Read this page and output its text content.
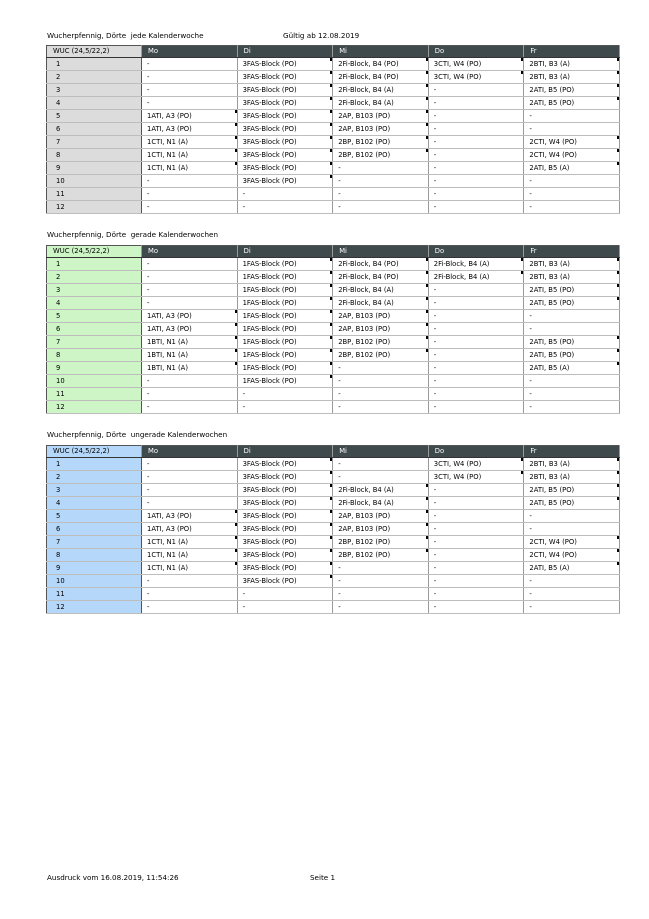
Wucherpfennig, Dörte  jede Kalenderwoche	Gültig ab 12.08.2019
Wucherpfennig, Dörte  gerade Kalenderwochen
Wucherpfennig, Dörte  ungerade Kalenderwochen
WUC (24,5/22,2)	Mo	Di	Mi	Do	Fr
1	-	3FAS-Block (PO)	2Fi-Block, B4 (PO)	3CTI, W4 (PO)	2BTI, B3 (A)

2	-	3FAS-Block (PO)	2Fi-Block, B4 (PO)	3CTI, W4 (PO)	2BTI, B3 (A)

3	-	3FAS-Block (PO)	2Fi-Block, B4 (A)	-	2ATI, B5 (PO)

4	-	3FAS-Block (PO)	2Fi-Block, B4 (A)	-	2ATI, B5 (PO)

5	1ATI, A3 (PO)	3FAS-Block (PO)	2AP, B103 (PO)	-	-
6	1ATI, A3 (PO)	3FAS-Block (PO)	2AP, B103 (PO)	-	-
7	1CTI, N1 (A)	3FAS-Block (PO)	2BP, B102 (PO)	-	2CTI, W4 (PO)

8	1CTI, N1 (A)	3FAS-Block (PO)	2BP, B102 (PO)	-	2CTI, W4 (PO)

9	1CTI, N1 (A)	3FAS-Block (PO)	-	-	2ATI, B5 (A)

10	-	3FAS-Block (PO)	-	-	-
11	-	-	-	-	-
12	-	-	-	-	-
WUC (24,5/22,2)	Mo	Di	Mi	Do	Fr
1	-	1FAS-Block (PO)	2Fi-Block, B4 (PO)	2Fi-Block, B4 (A)	2BTI, B3 (A)

2	-	1FAS-Block (PO)	2Fi-Block, B4 (PO)	2Fi-Block, B4 (A)	2BTI, B3 (A)

3	-	1FAS-Block (PO)	2Fi-Block, B4 (A)	-	2ATI, B5 (PO)

4	-	1FAS-Block (PO)	2Fi-Block, B4 (A)	-	2ATI, B5 (PO)

5	1ATI, A3 (PO)	1FAS-Block (PO)	2AP, B103 (PO)	-	-
6	1ATI, A3 (PO)	1FAS-Block (PO)	2AP, B103 (PO)	-	-
7	1BTI, N1 (A)	1FAS-Block (PO)	2BP, B102 (PO)	-	2ATI, B5 (PO)

8	1BTI, N1 (A)	1FAS-Block (PO)	2BP, B102 (PO)	-	2ATI, B5 (PO)

9	1BTI, N1 (A)	1FAS-Block (PO)	-	-	2ATI, B5 (A)

10	-	1FAS-Block (PO)	-	-	-
11	-	-	-	-	-
12	-	-	-	-	-
WUC (24,5/22,2)	Mo	Di	Mi	Do	Fr
1	-	3FAS-Block (PO)	-	3CTI, W4 (PO)	2BTI, B3 (A)

2	-	3FAS-Block (PO)	-	3CTI, W4 (PO)	2BTI, B3 (A)

3	-	3FAS-Block (PO)	2Fi-Block, B4 (A)	-	2ATI, B5 (PO)

4	-	3FAS-Block (PO)	2Fi-Block, B4 (A)	-	2ATI, B5 (PO)

5	1ATI, A3 (PO)	3FAS-Block (PO)	2AP, B103 (PO)	-	-
6	1ATI, A3 (PO)	3FAS-Block (PO)	2AP, B103 (PO)	-	-
7	1CTI, N1 (A)	3FAS-Block (PO)	2BP, B102 (PO)	-	2CTI, W4 (PO)

8	1CTI, N1 (A)	3FAS-Block (PO)	2BP, B102 (PO)	-	2CTI, W4 (PO)

9	1CTI, N1 (A)	3FAS-Block (PO)	-	-	2ATI, B5 (A)

10	-	3FAS-Block (PO)	-	-	-
11	-	-	-	-	-
12	-	-	-	-	-
Ausdruck vom 16.08.2019, 11:54:26	Seite 1
